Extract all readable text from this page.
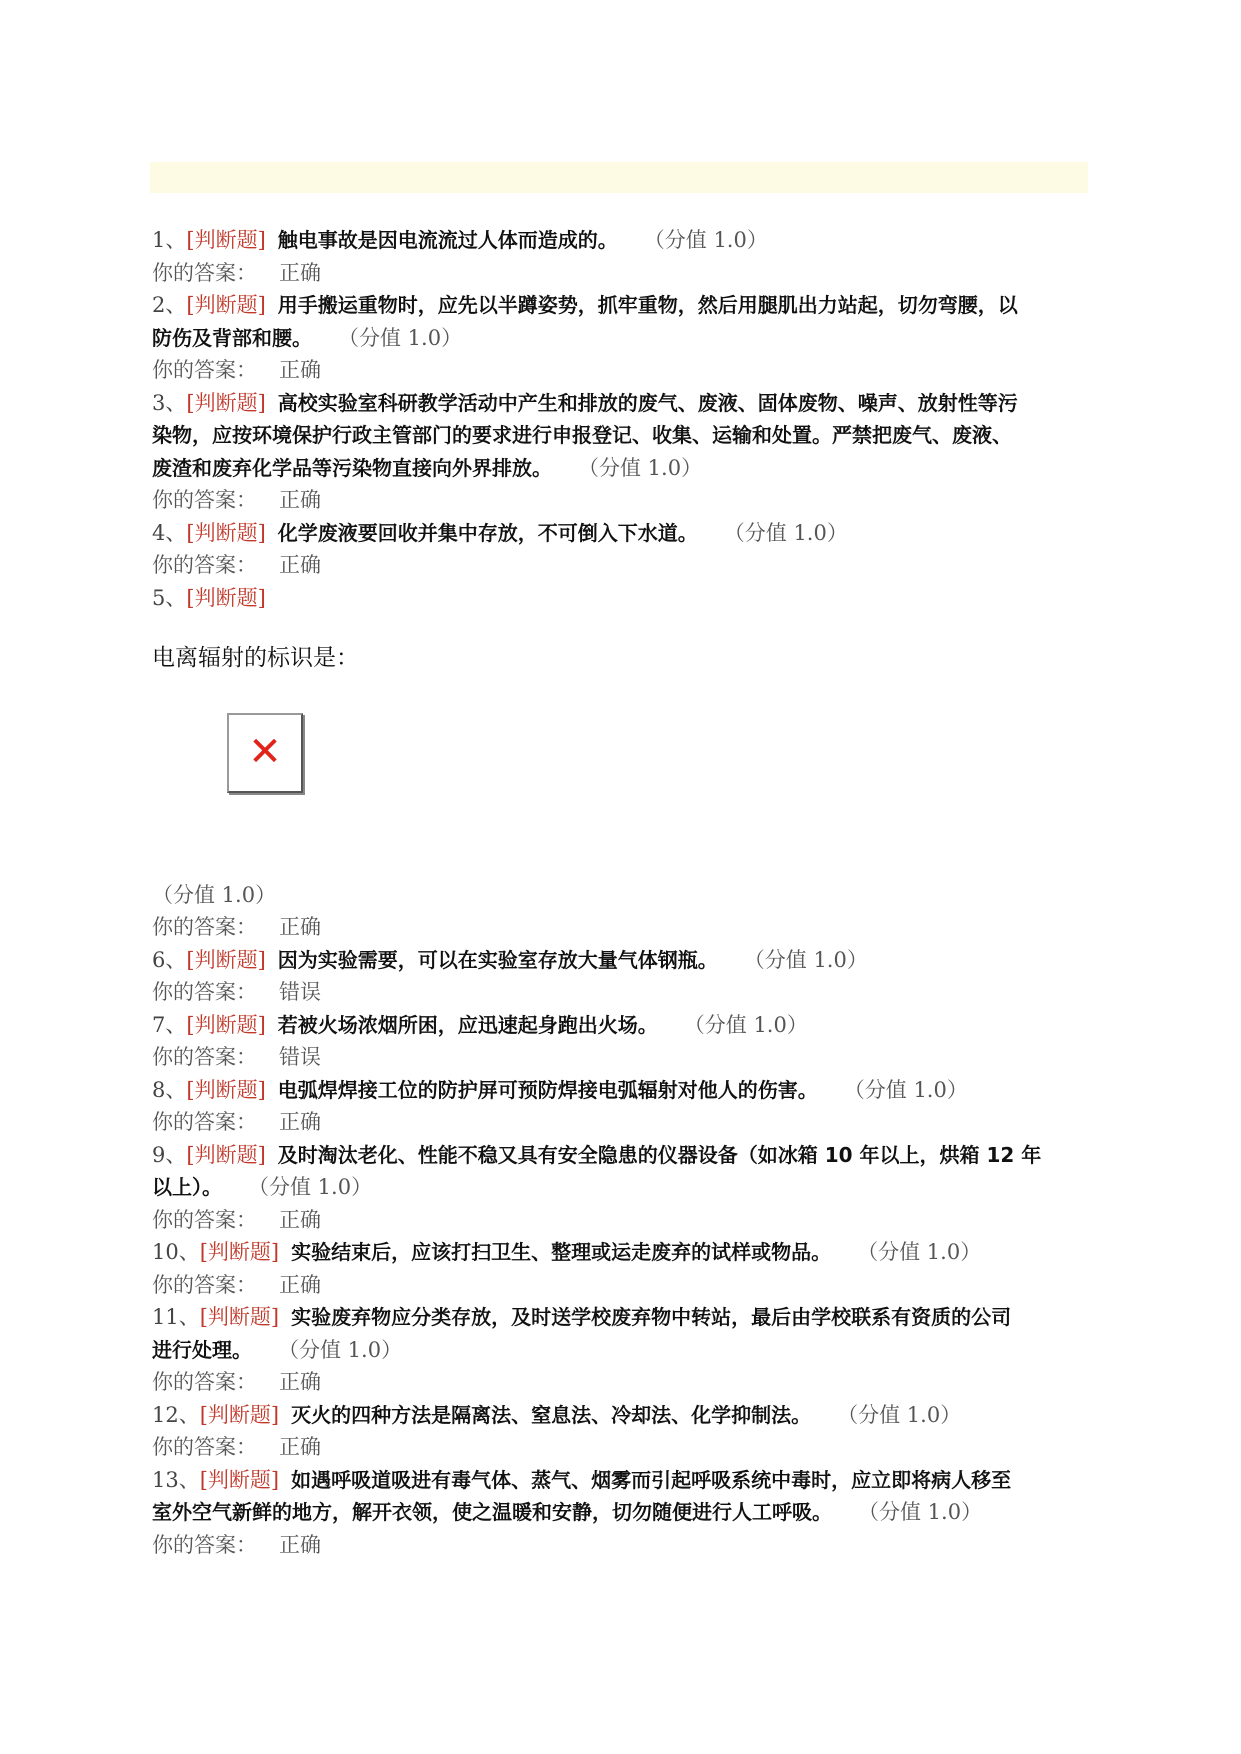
1、[判断题] 触电事故是因电流流过人体而造成的。 （分值 1.0）
你的答案： 正确
2、[判断题] 用手搬运重物时，应先以半蹲姿势，抓牢重物，然后用腿肌出力站起，切勿弯腰，以
防伤及背部和腰。 （分值 1.0）
你的答案： 正确
3、[判断题] 高校实验室科研教学活动中产生和排放的废气、废液、固体废物、噪声、放射性等污
染物，应按环境保护行政主管部门的要求进行申报登记、收集、运输和处置。严禁把废气、废液、
废渣和废弃化学品等污染物直接向外界排放。 （分值 1.0）
你的答案： 正确
4、[判断题] 化学废液要回收并集中存放，不可倒入下水道。 （分值 1.0）
你的答案： 正确
5、[判断题]
电离辐射的标识是：
✕
（分值 1.0）
你的答案： 正确
6、[判断题] 因为实验需要，可以在实验室存放大量气体钢瓶。 （分值 1.0）
你的答案： 错误
7、[判断题] 若被火场浓烟所困，应迅速起身跑出火场。 （分值 1.0）
你的答案： 错误
8、[判断题] 电弧焊焊接工位的防护屏可预防焊接电弧辐射对他人的伤害。 （分值 1.0）
你的答案： 正确
9、[判断题] 及时淘汰老化、性能不稳又具有安全隐患的仪器设备（如冰箱 10 年以上，烘箱 12 年
以上）。 （分值 1.0）
你的答案： 正确
10、[判断题] 实验结束后，应该打扫卫生、整理或运走废弃的试样或物品。 （分值 1.0）
你的答案： 正确
11、[判断题] 实验废弃物应分类存放，及时送学校废弃物中转站，最后由学校联系有资质的公司
进行处理。 （分值 1.0）
你的答案： 正确
12、[判断题] 灭火的四种方法是隔离法、窒息法、冷却法、化学抑制法。 （分值 1.0）
你的答案： 正确
13、[判断题] 如遇呼吸道吸进有毒气体、蒸气、烟雾而引起呼吸系统中毒时，应立即将病人移至
室外空气新鲜的地方，解开衣领，使之温暖和安静，切勿随便进行人工呼吸。 （分值 1.0）
你的答案： 正确
